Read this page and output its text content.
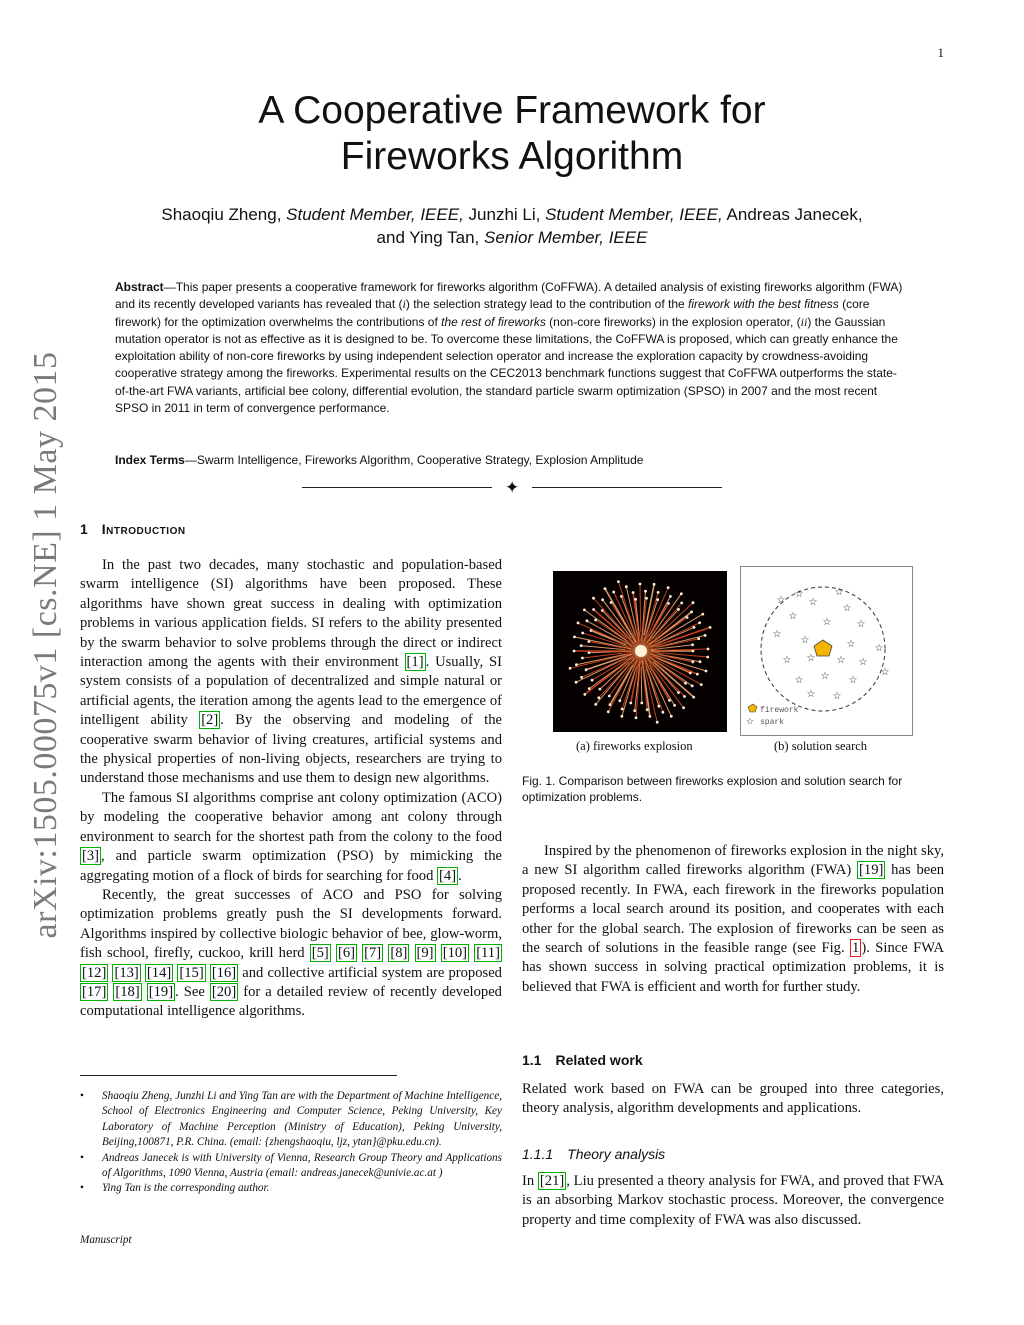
1
arXiv:1505.00075v1 [cs.NE] 1 May 2015
A Cooperative Framework for
Fireworks Algorithm
Shaoqiu Zheng, Student Member, IEEE, Junzhi Li, Student Member, IEEE, Andreas Janecek,
and Ying Tan, Senior Member, IEEE
Abstract—This paper presents a cooperative framework for fireworks algorithm (CoFFWA). A detailed analysis of existing fireworks algorithm (FWA) and its recently developed variants has revealed that (i) the selection strategy lead to the contribution of the firework with the best fitness (core firework) for the optimization overwhelms the contributions of the rest of fireworks (non-core fireworks) in the explosion operator, (ii) the Gaussian mutation operator is not as effective as it is designed to be. To overcome these limitations, the CoFFWA is proposed, which can greatly enhance the exploitation ability of non-core fireworks by using independent selection operator and increase the exploration capacity by crowdness-avoiding cooperative strategy among the fireworks. Experimental results on the CEC2013 benchmark functions suggest that CoFFWA outperforms the state-of-the-art FWA variants, artificial bee colony, differential evolution, the standard particle swarm optimization (SPSO) in 2007 and the most recent SPSO in 2011 in term of convergence performance.
Index Terms—Swarm Intelligence, Fireworks Algorithm, Cooperative Strategy, Explosion Amplitude
✦
1 Introduction

In the past two decades, many stochastic and population-based swarm intelligence (SI) algorithms have been proposed. These algorithms have shown great success in dealing with optimization problems in various application fields. SI refers to the ability presented by the swarm behavior to solve problems through the direct or indirect interaction among the agents with their environment [1] . Usually, SI system consists of a population of decentralized and simple natural or artificial agents, the iteration among the agents lead to the emergence of intelligent ability [2] . By the observing and modeling of the cooperative swarm behavior of living creatures, artificial systems and the physical properties of non-living objects, researchers are trying to understand those mechanisms and use them to design new algorithms.

The famous SI algorithms comprise ant colony optimization (ACO) by modeling the cooperative behavior among ant colony through environment to search for the shortest path from the colony to the food [3] , and particle swarm optimization (PSO) by mimicking the aggregating motion of a flock of birds for searching for food [4] .

Recently, the great successes of ACO and PSO for solving optimization problems greatly push the SI developments forward. Algorithms inspired by collective biologic behavior of bee, glow-worm, fish school, firefly, cuckoo, krill herd [5] [6] [7] [8] [9] [10] [11] [12] [13] [14] [15] [16] and collective artificial system are proposed [17] [18] [19] . See [20] for a detailed review of recently developed computational intelligence algorithms.

• Shaoqiu Zheng, Junzhi Li and Ying Tan are with the Department of Machine Intelligence, School of Electronics Engineering and Computer Science, Peking University, Key Laboratory of Machine Perception (Ministry of Education), Peking University, Beijing,100871, P.R. China. (email: {zhengshaoqiu, ljz, ytan}@pku.edu.cn).
• Andreas Janecek is with University of Vienna, Research Group Theory and Applications of Algorithms, 1090 Vienna, Austria (email: andreas.janecek@univie.ac.at )
• Ying Tan is the corresponding author.
Manuscript
(a) fireworks explosion
☆
☆
☆
☆
☆
☆
☆	☆
☆
☆	☆ ☆
☆ ☆ ☆ ☆
☆ ☆ ☆
☆
☆
☆
firework
☆ spark
(b) solution search
Fig. 1. Comparison between fireworks explosion and solution search for optimization problems.

Inspired by the phenomenon of fireworks explosion in the night sky, a new SI algorithm called fireworks algorithm (FWA) [19] has been proposed recently. In FWA, each firework in the fireworks population performs a local search around its position, and cooperates with each other for the global search. The explosion of fireworks can be seen as the search of solutions in the feasible range (see Fig. 1 ). Since FWA has shown success in solving practical optimization problems, it is believed that FWA is efficient and worth for further study.

1.1 Related work

Related work based on FWA can be grouped into three categories, theory analysis, algorithm developments and applications.

1.1.1 Theory analysis

In [21] , Liu presented a theory analysis for FWA, and proved that FWA is an absorbing Markov stochastic process. Moreover, the convergence property and time complexity of FWA was also discussed.
